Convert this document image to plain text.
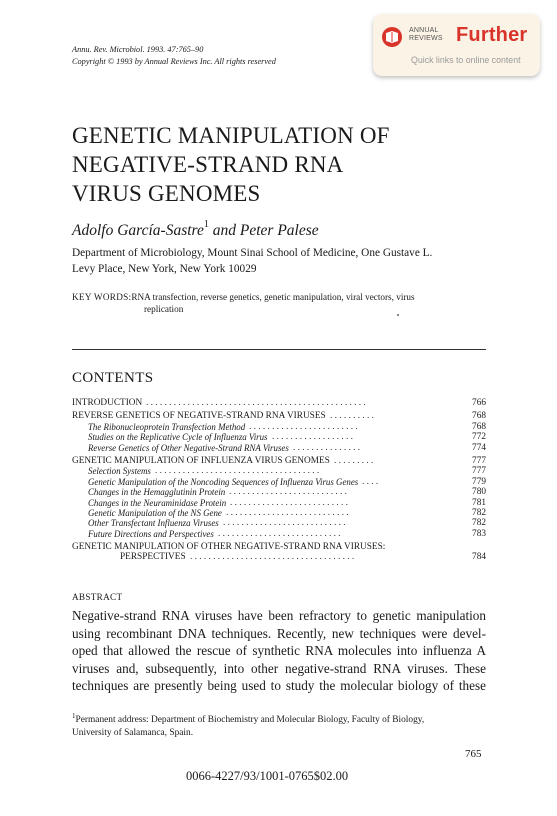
Annu. Rev. Microbiol. 1993. 47:765–90
Copyright © 1993 by Annual Reviews Inc. All rights reserved
ANNUAL
REVIEWS Further
Quick links to online content
GENETIC MANIPULATION OF
NEGATIVE-STRAND RNA
VIRUS GENOMES
Adolfo García-Sastre$^1$ and Peter Palese
Department of Microbiology, Mount Sinai School of Medicine, One Gustave L.
Levy Place, New York, New York 10029
KEY WORDS:RNA transfection, reverse genetics, genetic manipulation, viral vectors, virus
replication
CONTENTS
INTRODUCTION ................................................	766
REVERSE GENETICS OF NEGATIVE-STRAND RNA VIRUSES ..........	768
The Ribonucleoprotein Transfection Method ........................	768
Studies on the Replicative Cycle of Influenza Virus ..................	772
Reverse Genetics of Other Negative-Strand RNA Viruses ...............	774
GENETIC MANIPULATION OF INFLUENZA VIRUS GENOMES .........	777
Selection Systems ....................................	777
Genetic Manipulation of the Noncoding Sequences of Influenza Virus Genes ....	779
Changes in the Hemagglutinin Protein ..........................	780
Changes in the Neuraminidase Protein ..........................	781
Genetic Manipulation of the NS Gene ...........................	782
Other Transfectant Influenza Viruses ...........................	782
Future Directions and Perspectives ...........................	783
GENETIC MANIPULATION OF OTHER NEGATIVE-STRAND RNA VIRUSES:
PERSPECTIVES ....................................	784
ABSTRACT
Negative-strand RNA viruses have been refractory to genetic manipulation
using recombinant DNA techniques. Recently, new techniques were devel-
oped that allowed the rescue of synthetic RNA molecules into influenza A
viruses and, subsequently, into other negative-strand RNA viruses. These
techniques are presently being used to study the molecular biology of these
$^1$Permanent address: Department of Biochemistry and Molecular Biology, Faculty of Biology,
University of Salamanca, Spain.
765
0066-4227/93/1001-0765$02.00
